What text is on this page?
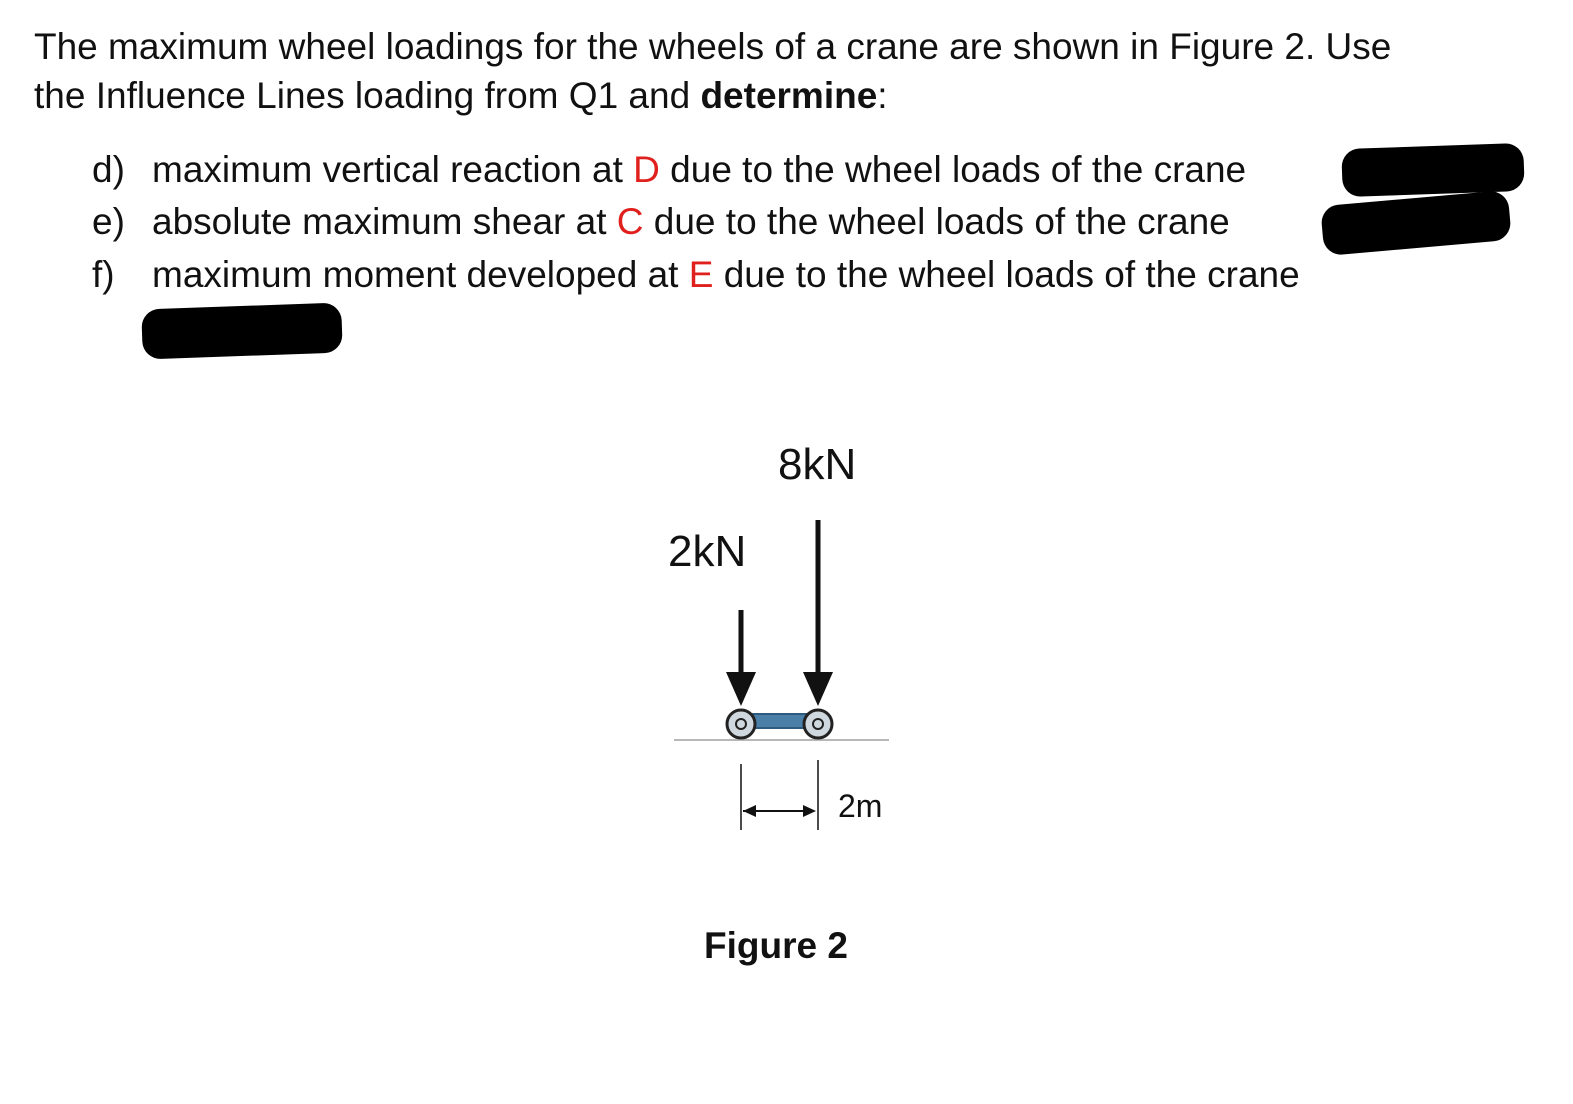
The maximum wheel loadings for the wheels of a crane are shown in Figure 2. Use
the Influence Lines loading from Q1 and determine:

d) maximum vertical reaction at D due to the wheel loads of the crane
e) absolute maximum shear at C due to the wheel loads of the crane
f) maximum moment developed at E due to the wheel loads of the crane
8kN
2kN
2m
Figure 2
